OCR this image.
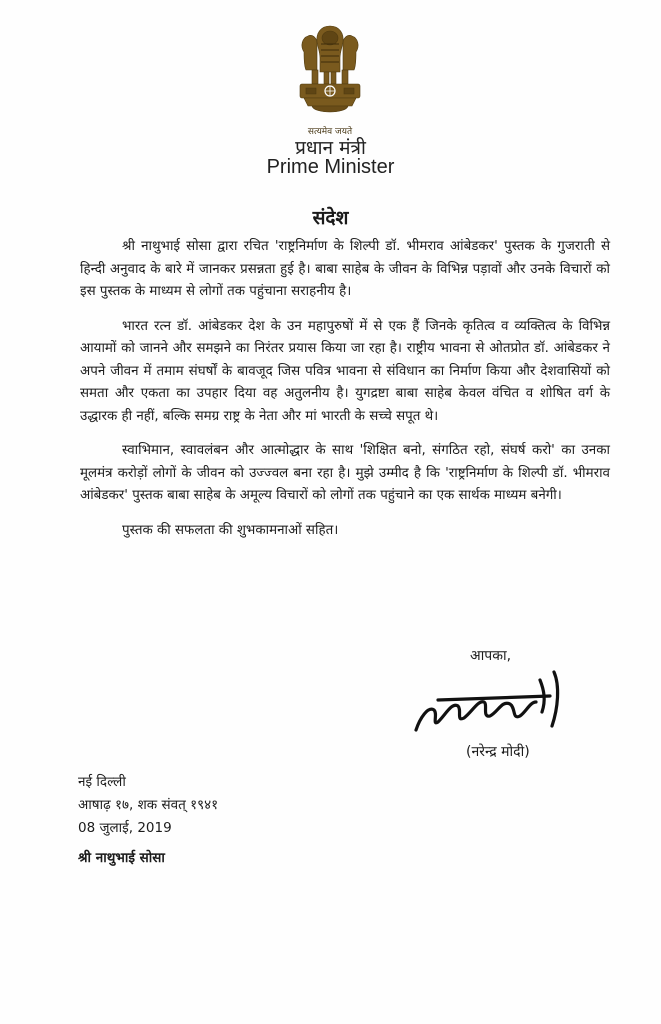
सत्यमेव जयते
प्रधान मंत्री
Prime Minister
संदेश

श्री नाथुभाई सोसा द्वारा रचित 'राष्ट्रनिर्माण के शिल्पी डॉ. भीमराव आंबेडकर' पुस्तक के गुजराती से हिन्दी अनुवाद के बारे में जानकर प्रसन्नता हुई है। बाबा साहेब के जीवन के विभिन्न पड़ावों और उनके विचारों को इस पुस्तक के माध्यम से लोगों तक पहुंचाना सराहनीय है।

भारत रत्न डॉ. आंबेडकर देश के उन महापुरुषों में से एक हैं जिनके कृतित्व व व्यक्तित्व के विभिन्न आयामों को जानने और समझने का निरंतर प्रयास किया जा रहा है। राष्ट्रीय भावना से ओतप्रोत डॉ. आंबेडकर ने अपने जीवन में तमाम संघर्षों के बावजूद जिस पवित्र भावना से संविधान का निर्माण किया और देशवासियों को समता और एकता का उपहार दिया वह अतुलनीय है। युगद्रष्टा बाबा साहेब केवल वंचित व शोषित वर्ग के उद्धारक ही नहीं, बल्कि समग्र राष्ट्र के नेता और मां भारती के सच्चे सपूत थे।

स्वाभिमान, स्वावलंबन और आत्मोद्धार के साथ 'शिक्षित बनो, संगठित रहो, संघर्ष करो' का उनका मूलमंत्र करोड़ों लोगों के जीवन को उज्ज्वल बना रहा है। मुझे उम्मीद है कि 'राष्ट्रनिर्माण के शिल्पी डॉ. भीमराव आंबेडकर' पुस्तक बाबा साहेब के अमूल्य विचारों को लोगों तक पहुंचाने का एक सार्थक माध्यम बनेगी।

पुस्तक की सफलता की शुभकामनाओं सहित।

आपका,
(नरेन्द्र मोदी)
नई दिल्ली
आषाढ़ १७, शक संवत् १९४१
08 जुलाई, 2019
श्री नाथुभाई सोसा
